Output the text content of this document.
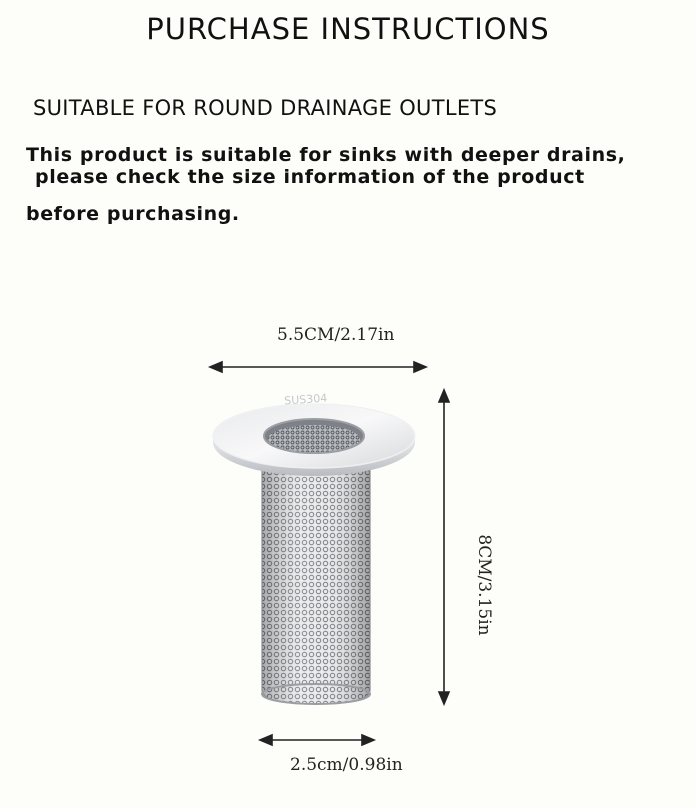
PURCHASE INSTRUCTIONS
SUITABLE FOR ROUND DRAINAGE OUTLETS
This product is suitable for sinks with deeper drains,
please check the size information of the product
before purchasing.
SUS304
5.5CM/2.17in
8CM/3.15in
2.5cm/0.98in
